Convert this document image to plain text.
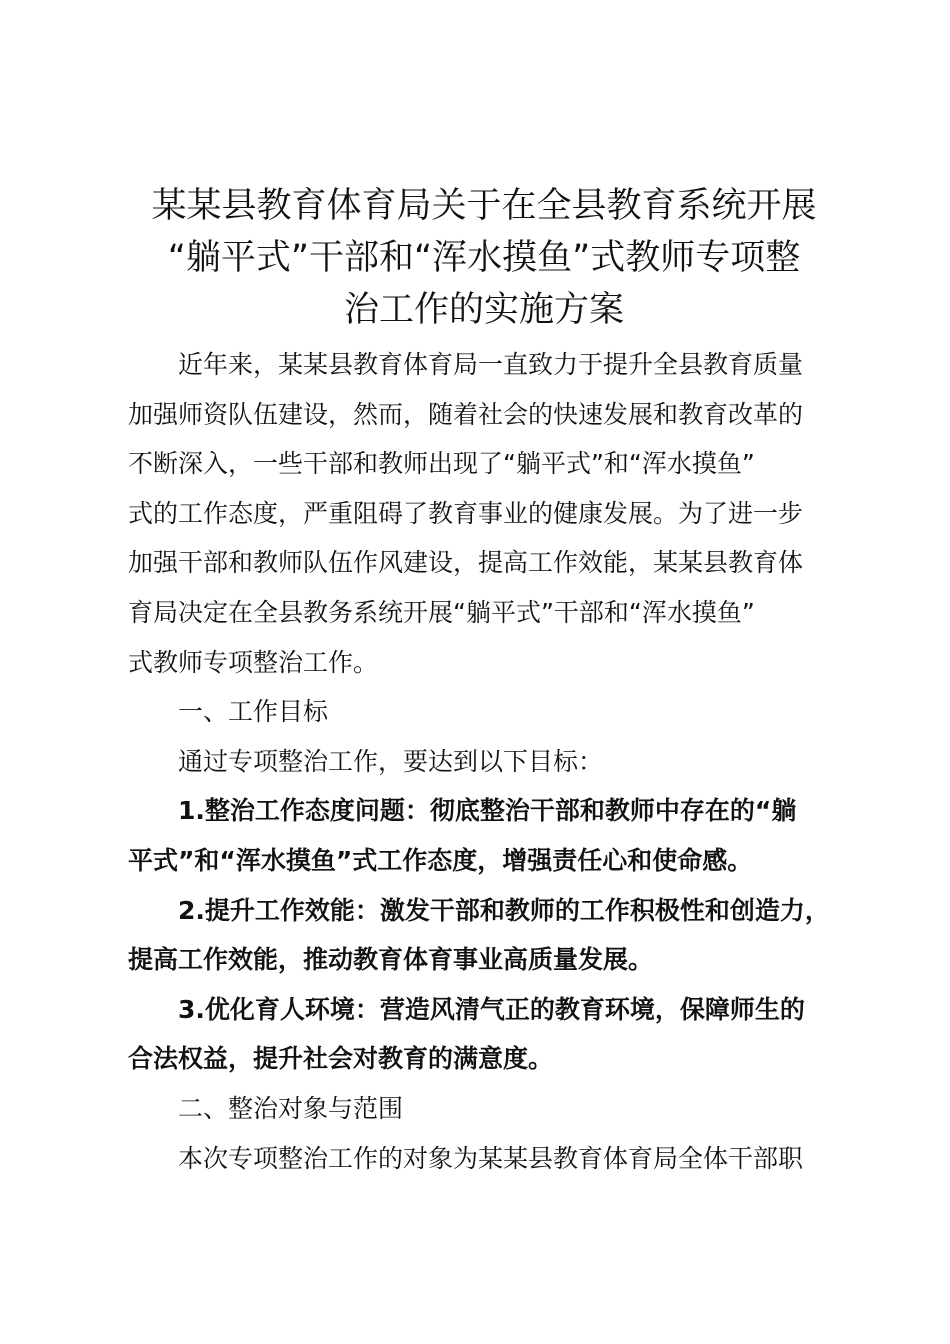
某某县教育体育局关于在全县教育系统开展
“躺平式”干部和“浑水摸鱼”式教师专项整
治工作的实施方案

近年来，某某县教育体育局一直致力于提升全县教育质量

加强师资队伍建设，然而，随着社会的快速发展和教育改革的

不断深入，一些干部和教师出现了“躺平式”和“浑水摸鱼”

式的工作态度，严重阻碍了教育事业的健康发展。为了进一步

加强干部和教师队伍作风建设，提高工作效能，某某县教育体

育局决定在全县教务系统开展“躺平式”干部和“浑水摸鱼”

式教师专项整治工作。

一、工作目标

通过专项整治工作，要达到以下目标：

1.整治工作态度问题：彻底整治干部和教师中存在的“躺

平式”和“浑水摸鱼”式工作态度，增强责任心和使命感。

2.提升工作效能：激发干部和教师的工作积极性和创造力，

提高工作效能，推动教育体育事业高质量发展。

3.优化育人环境：营造风清气正的教育环境，保障师生的

合法权益，提升社会对教育的满意度。

二、整治对象与范围

本次专项整治工作的对象为某某县教育体育局全体干部职
